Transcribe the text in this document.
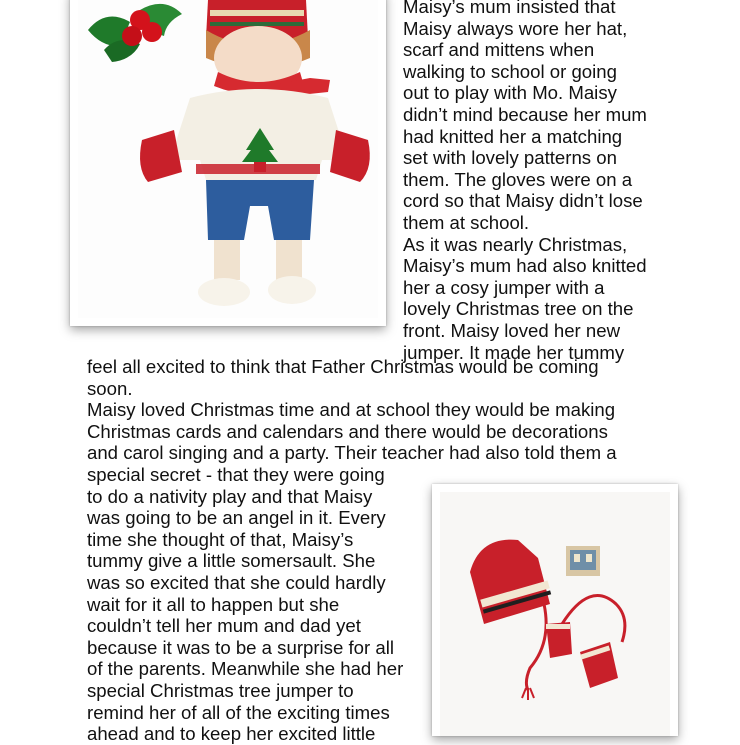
Maisy’s mum insisted that

Maisy always wore her hat,

scarf and mittens when

walking to school or going

out to play with Mo. Maisy

didn’t mind because her mum

had knitted her a matching

set with lovely patterns on

them. The gloves were on a

cord so that Maisy didn’t lose

them at school.

As it was nearly Christmas,

Maisy’s mum had also knitted

her a cosy jumper with a

lovely Christmas tree on the

front. Maisy loved her new

jumper. It made her tummy

feel all excited to think that Father Christmas would be coming

soon.

Maisy loved Christmas time and at school they would be making

Christmas cards and calendars and there would be decorations

and carol singing and a party. Their teacher had also told them a

special secret - that they were going

to do a nativity play and that Maisy

was going to be an angel in it. Every

time she thought of that, Maisy’s

tummy give a little somersault. She

was so excited that she could hardly

wait for it all to happen but she

couldn’t tell her mum and dad yet

because it was to be a surprise for all

of the parents. Meanwhile she had her

special Christmas tree jumper to

remind her of all of the exciting times

ahead and to keep her excited little
